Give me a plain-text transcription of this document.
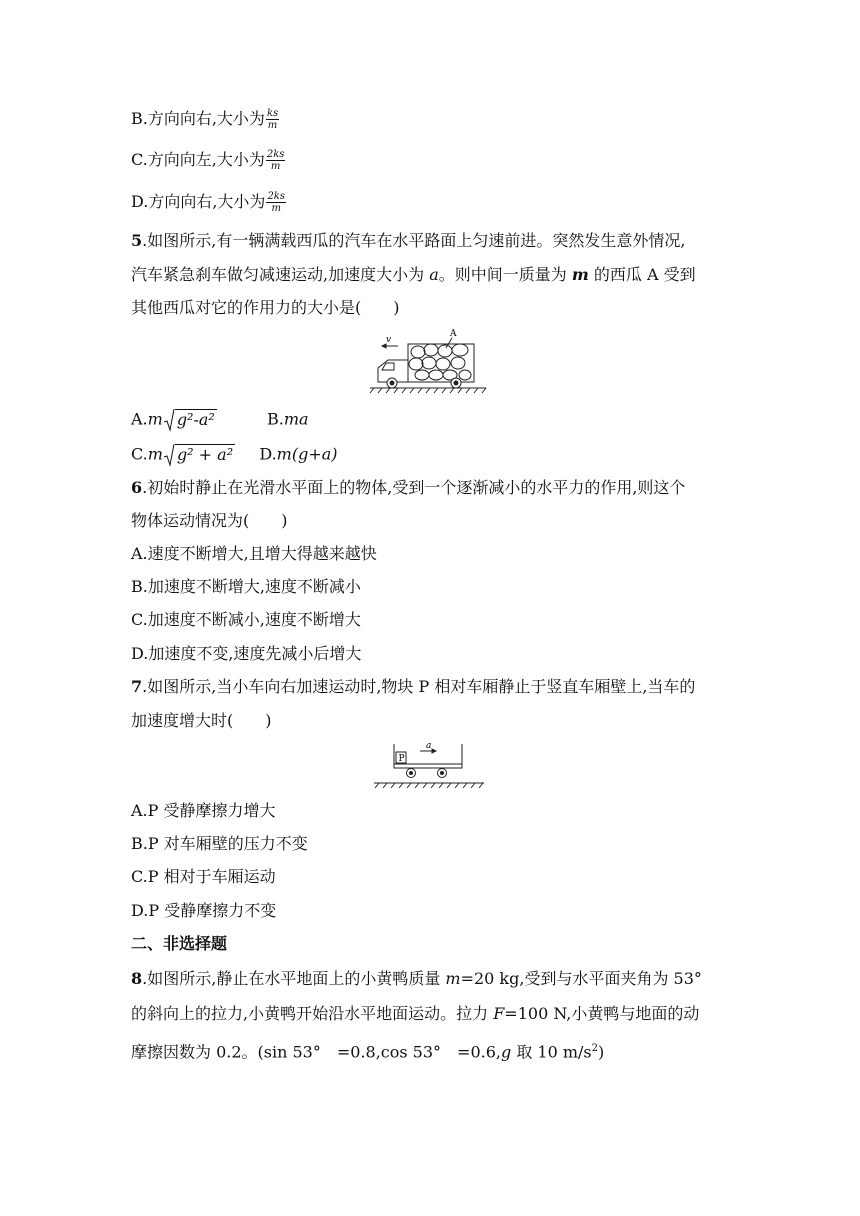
B.方向向右,大小为 $\frac{ks}{m}$
C.方向向左,大小为 $\frac{2ks}{m}$
D.方向向右,大小为 $\frac{2ks}{m}$
5.如图所示,有一辆满载西瓜的汽车在水平路面上匀速前进。突然发生意外情况,
汽车紧急刹车做匀减速运动,加速度大小为 a。则中间一质量为 m 的西瓜 A 受到
其他西瓜对它的作用力的大小是(　　)
v
A
A.m g²-a²	B.ma
C.m g² + a² D.m(g+a)
6.初始时静止在光滑水平面上的物体,受到一个逐渐减小的水平力的作用,则这个
物体运动情况为(　　)
A.速度不断增大,且增大得越来越快
B.加速度不断增大,速度不断减小
C.加速度不断减小,速度不断增大
D.加速度不变,速度先减小后增大
7.如图所示,当小车向右加速运动时,物块 P 相对车厢静止于竖直车厢壁上,当车的
加速度增大时(　　)
P
a
A.P 受静摩擦力增大
B.P 对车厢壁的压力不变
C.P 相对于车厢运动
D.P 受静摩擦力不变
二、非选择题
8.如图所示,静止在水平地面上的小黄鸭质量 m=20 kg,受到与水平面夹角为 53°
的斜向上的拉力,小黄鸭开始沿水平地面运动。拉力 F=100 N,小黄鸭与地面的动
摩擦因数为 0.2。(sin 53°　=0.8,cos 53°　=0.6,g 取 10 $m/s^2$)
